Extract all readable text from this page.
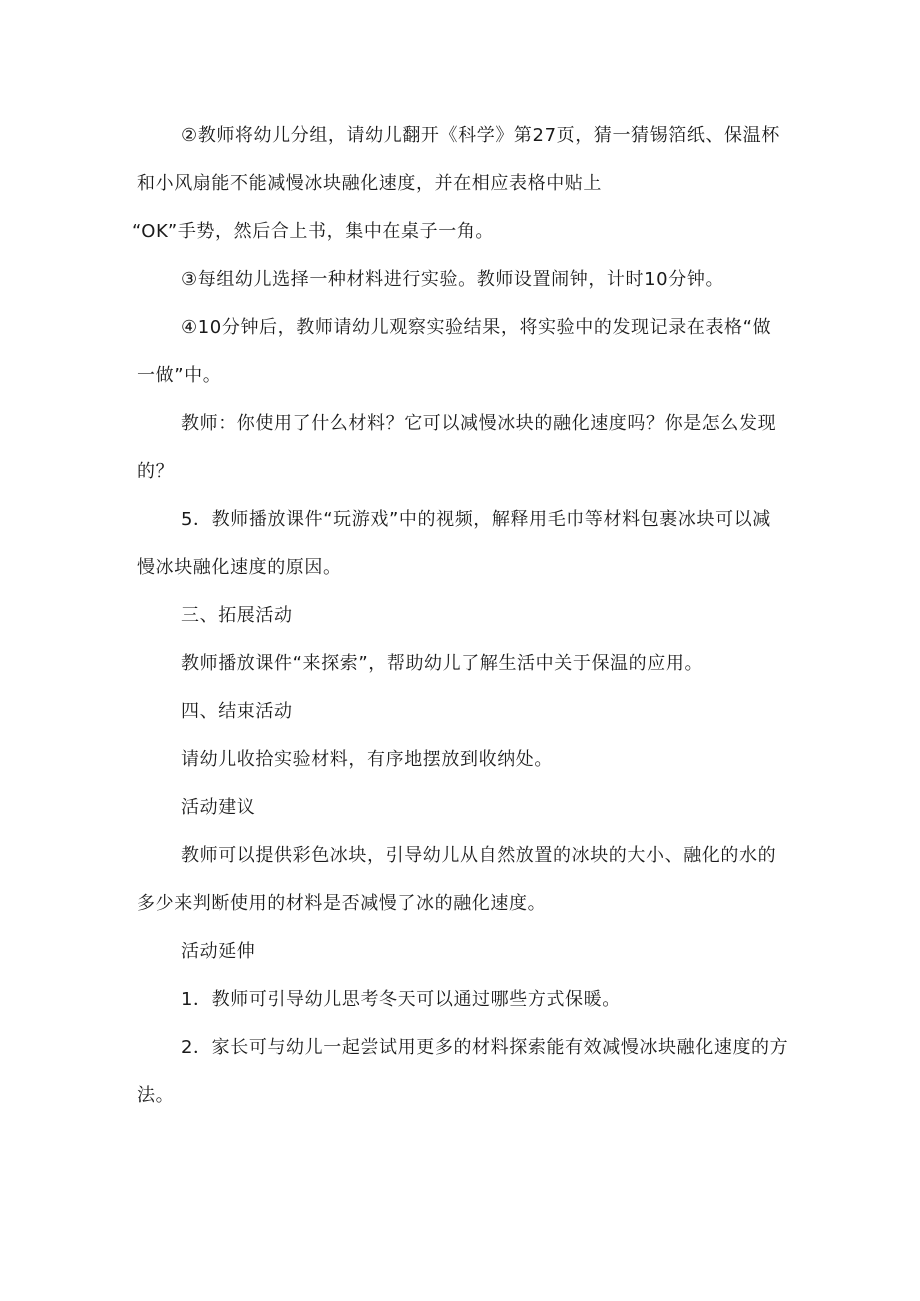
②教师将幼儿分组，请幼儿翻开《科学》第27页，猜一猜锡箔纸、保温杯
和小风扇能不能减慢冰块融化速度，并在相应表格中贴上
“OK”手势，然后合上书，集中在桌子一角。
③每组幼儿选择一种材料进行实验。教师设置闹钟，计时10分钟。
④10分钟后，教师请幼儿观察实验结果，将实验中的发现记录在表格“做
一做”中。
教师：你使用了什么材料？它可以减慢冰块的融化速度吗？你是怎么发现
的？
5．教师播放课件“玩游戏”中的视频，解释用毛巾等材料包裹冰块可以减
慢冰块融化速度的原因。
三、拓展活动
教师播放课件“来探索”，帮助幼儿了解生活中关于保温的应用。
四、结束活动
请幼儿收拾实验材料，有序地摆放到收纳处。
活动建议
教师可以提供彩色冰块，引导幼儿从自然放置的冰块的大小、融化的水的
多少来判断使用的材料是否减慢了冰的融化速度。
活动延伸
1．教师可引导幼儿思考冬天可以通过哪些方式保暖。
2．家长可与幼儿一起尝试用更多的材料探索能有效减慢冰块融化速度的方
法。
